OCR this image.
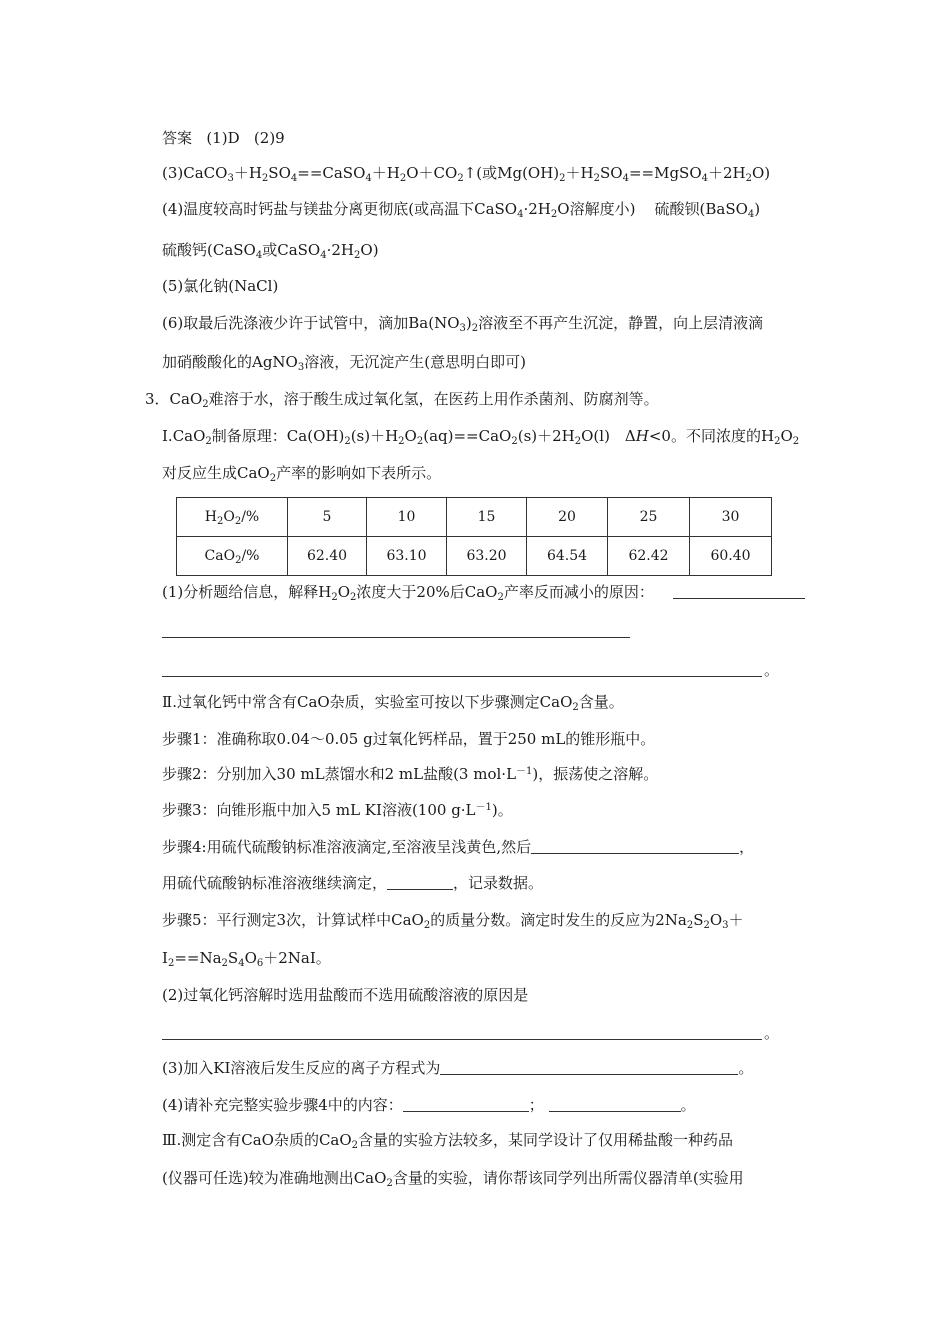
答案 (1)D (2)9
$(3)CaCO_3+H_2SO_4==CaSO_4+H_2O+CO_2↑$(或$Mg(OH)_2+H_2SO_4==MgSO_4+2H_2O$)
(4)温度较高时钙盐与镁盐分离更彻底(或高温下$CaSO_4\cdot 2H_2O$溶解度小) 硫酸钡(BaSO$_4$)
硫酸钙(CaSO$_4$或$CaSO_4\cdot 2H_2O$)
(5)氯化钠(NaCl)
(6)取最后洗涤液少许于试管中，滴加$Ba(NO_3)_2$溶液至不再产生沉淀，静置，向上层清液滴
加硝酸酸化的AgNO$_3$溶液，无沉淀产生(意思明白即可)
3．CaO$_2$难溶于水，溶于酸生成过氧化氢，在医药上用作杀菌剂、防腐剂等。
Ⅰ.CaO$_2$制备原理：$Ca(OH)_2(s)+H_2O_2(aq)==CaO_2(s)+2H_2O(l)$　ΔH<0。不同浓度的$H_2O_2$
对反应生成CaO$_2$产率的影响如下表所示。
$H_2O_2/\%$	5	10	15	20	25	30
CaO$_2$/%	62.40	63.10	63.20	64.54	62.42	60.40
(1)分析题给信息，解释$H_2O_2$浓度大于20%后CaO$_2$产率反而减小的原因：
。
Ⅱ.过氧化钙中常含有CaO杂质，实验室可按以下步骤测定CaO$_2$含量。
步骤1：准确称取0.04～0.05 g过氧化钙样品，置于250 mL的锥形瓶中。
步骤2：分别加入30 mL蒸馏水和2 mL盐酸(3 $mol\cdot L^{-1}$)，振荡使之溶解。
步骤3：向锥形瓶中加入5 mL KI溶液(100 $g\cdot L^{-1}$)。
步骤4:用硫代硫酸钠标准溶液滴定,至溶液呈浅黄色,然后	，
用硫代硫酸钠标准溶液继续滴定，	，记录数据。
步骤5：平行测定3次，计算试样中CaO$_2$的质量分数。滴定时发生的反应为$2Na_2S_2O_3+$
$I_2==Na_2S_4O_6+2NaI$。
(2)过氧化钙溶解时选用盐酸而不选用硫酸溶液的原因是
。
(3)加入KI溶液后发生反应的离子方程式为	。
(4)请补充完整实验步骤4中的内容：	；	。
Ⅲ.测定含有CaO杂质的CaO$_2$含量的实验方法较多，某同学设计了仅用稀盐酸一种药品
(仪器可任选)较为准确地测出CaO$_2$含量的实验，请你帮该同学列出所需仪器清单(实验用
